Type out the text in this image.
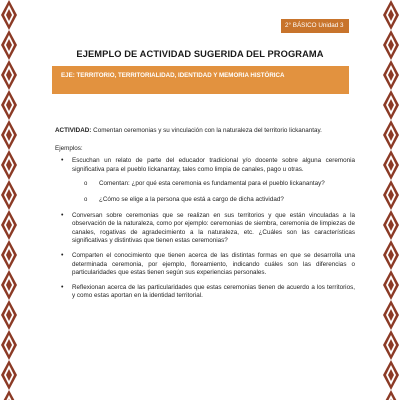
2° BÁSICO Unidad 3
EJEMPLO DE ACTIVIDAD SUGERIDA DEL PROGRAMA
EJE: TERRITORIO, TERRITORIALIDAD, IDENTIDAD Y MEMORIA HISTÓRICA

ACTIVIDAD: Comentan ceremonias y su vinculación con la naturaleza del territorio lickanantay.

Ejemplos:

• Escuchan un relato de parte del educador tradicional y/o docente sobre alguna ceremonia significativa para el pueblo lickanantay, tales como limpia de canales, pago u otras.
o Comentan: ¿por qué esta ceremonia es fundamental para el pueblo lickanantay?
o ¿Cómo se elige a la persona que está a cargo de dicha actividad?
• Conversan sobre ceremonias que se realizan en sus territorios y que están vinculadas a la observación de la naturaleza, como por ejemplo: ceremonias de siembra, ceremonia de limpiezas de canales, rogativas de agradecimiento a la naturaleza, etc. ¿Cuáles son las características significativas y distintivas que tienen estas ceremonias?
• Comparten el conocimiento que tienen acerca de las distintas formas en que se desarrolla una determinada ceremonia, por ejemplo, floreamiento, indicando cuáles son las diferencias o particularidades que estas tienen según sus experiencias personales.
• Reflexionan acerca de las particularidades que estas ceremonias tienen de acuerdo a los territorios, y como estas aportan en la identidad territorial.
